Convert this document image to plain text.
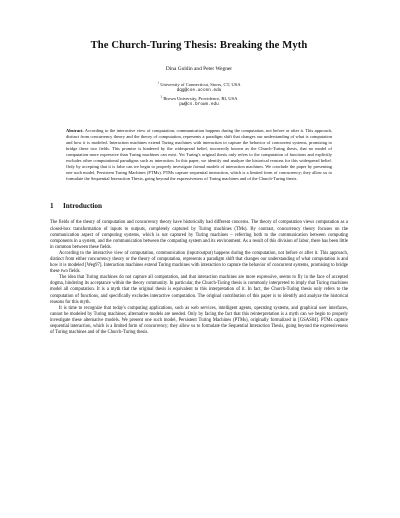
The Church-Turing Thesis: Breaking the Myth
Dina Goldin and Peter Wegner
$^1$ University of Connecticut, Storrs, CT, USA
dqg@cse.uconn.edu
$^2$ Brown University, Providence, RI, USA
pw@cs.brown.edu
Abstract. According to the interactive view of computation, communication happens during the computation, not before or after it. This approach, distinct from concurrency theory and the theory of computation, represents a paradigm shift that changes our understanding of what is computation and how it is modeled. Interaction machines extend Turing machines with interaction to capture the behavior of concurrent systems, promising to bridge these two fields. This promise is hindered by the widespread belief, incorrectly known as the Church-Turing thesis, that no model of computation more expressive than Turing machines can exist. Yet Turing's original thesis only refers to the computation of functions and explicitly excludes other computational paradigms such as interaction. In this paper, we identify and analyze the historical reasons for this widespread belief. Only by accepting that it is false can we begin to properly investigate formal models of interaction machines. We conclude the paper by presenting one such model, Persistent Turing Machines (PTMs). PTMs capture sequential interaction, which is a limited form of concurrency; they allow us to formulate the Sequential Interaction Thesis, going beyond the expressiveness of Turing machines and of the Church-Turing thesis.
1 Introduction

The fields of the theory of computation and concurrency theory have historically had different concerns. The theory of computation views computation as a closed-box transformation of inputs to outputs, completely captured by Turing machines (TMs). By contrast, concurrency theory focuses on the communication aspect of computing systems, which is not captured by Turing machines – referring both to the communication between computing components in a system, and the communication between the computing system and its environment. As a result of this division of labor, there has been little in common between these fields.

According to the interactive view of computation, communication (input/output) happens during the computation, not before or after it. This approach, distinct from either concurrency theory or the theory of computation, represents a paradigm shift that changes our understanding of what computation is and how it is modeled [Weg97]. Interaction machines extend Turing machines with interaction to capture the behavior of concurrent systems, promising to bridge these two fields.

The idea that Turing machines do not capture all computation, and that interaction machines are more expressive, seems to fly in the face of accepted dogma, hindering its acceptance within the theory community. In particular, the Church-Turing thesis is commonly interpreted to imply that Turing machines model all computation. It is a myth that the original thesis is equivalent to this interpretation of it. In fact, the Church-Turing thesis only refers to the computation of functions, and specifically excludes interactive computation. The original contribution of this paper is to identify and analyze the historical reasons for this myth.

It is time to recognize that today's computing applications, such as web services, intelligent agents, operating systems, and graphical user interfaces, cannot be modeled by Turing machines; alternative models are needed. Only by facing the fact that this reinterpretation is a myth can we begin to properly investigate these alternative models. We present one such model, Persistent Turing Machines (PTMs), originally formalized in [GSAS04]. PTMs capture sequential interaction, which is a limited form of concurrency; they allow us to formulate the Sequential Interaction Thesis, going beyond the expressiveness of Turing machines and of the Church-Turing thesis.
